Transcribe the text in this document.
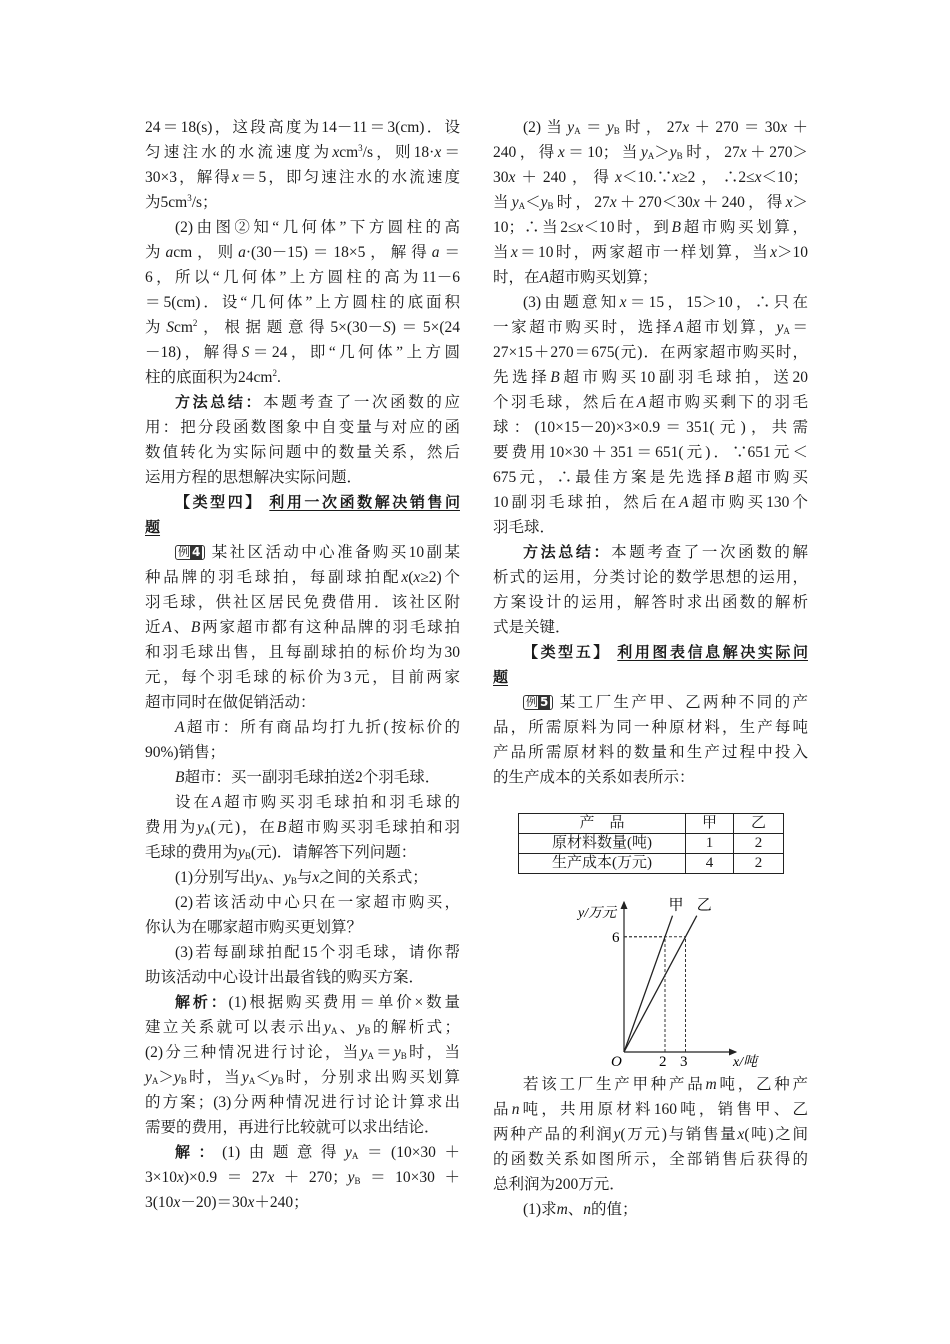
24＝18(s)，这段高度为14－11＝3(cm)．设
匀速注水的水流速度为xcm$^3$/s，则18·x＝
30×3，解得x＝5，即匀速注水的水流速度
为$5cm^3/s$；
(2)由图②知“几何体”下方圆柱的高
为acm，则a·(30－15)＝18×5，解得a＝
6，所以“几何体”上方圆柱的高为11－6
＝5(cm)．设“几何体”上方圆柱的底面积
为Scm$^2$，根据题意得5×(30－S)＝5×(24
－18)，解得S＝24，即“几何体”上方圆
柱的底面积为$24cm^2$.
方法总结：本题考查了一次函数的应
用：把分段函数图象中自变量与对应的函
数值转化为实际问题中的数量关系，然后
运用方程的思想解决实际问题．
【类型四】 利用一次函数解决销售问
题
例 4 某社区活动中心准备购买10副某
种品牌的羽毛球拍，每副球拍配x(x≥2)个
羽毛球，供社区居民免费借用．该社区附
近A、B两家超市都有这种品牌的羽毛球拍
和羽毛球出售，且每副球拍的标价均为30
元，每个羽毛球的标价为3元，目前两家
超市同时在做促销活动：
A超市：所有商品均打九折(按标价的
90%)销售；
B超市：买一副羽毛球拍送2个羽毛球．
设在A超市购买羽毛球拍和羽毛球的
费用为$y_A$(元)，在B超市购买羽毛球拍和羽
毛球的费用为$y_B$(元)．请解答下列问题：
(1)分别写出$y_A$、$y_B$与x之间的关系式；
(2)若该活动中心只在一家超市购买，
你认为在哪家超市购买更划算？
(3)若每副球拍配15个羽毛球，请你帮
助该活动中心设计出最省钱的购买方案．
解析：(1)根据购买费用＝单价×数量
建立关系就可以表示出$y_A$、$y_B$的解析式；
(2)分三种情况进行讨论，当$y_A=y_B$时，当
$y_A>y_B$时，当$y_A<y_B$时，分别求出购买划算
的方案；(3)分两种情况进行讨论计算求出
需要的费用，再进行比较就可以求出结论．
解：(1)由题意得$y_A=(10\times 30+$
3×10x)×0.9＝27x＋270；$y_B=10\times 30+$
3(10x－20)＝30x＋240；
(2)当$y_A=y_B$时，27x＋270＝30x＋
240，得x＝10；当$y_A>y_B$时，27x＋270＞
30x＋240，得x＜10.∵x≥2，∴2≤x＜10；
当$y_A<y_B$时，27x＋270＜30x＋240，得x＞
10；∴当2≤x＜10时，到B超市购买划算，
当x＝10时，两家超市一样划算，当x＞10
时，在A超市购买划算；
(3)由题意知x＝15，15＞10，∴只在
一家超市购买时，选择A超市划算，$y_A=$
27×15＋270＝675(元)．在两家超市购买时，
先选择B超市购买10副羽毛球拍，送20
个羽毛球，然后在A超市购买剩下的羽毛
球：(10×15－20)×3×0.9＝351(元)，共需
要费用10×30＋351＝651(元)．∵651元＜
675元，∴最佳方案是先选择B超市购买
10副羽毛球拍，然后在A超市购买130个
羽毛球．
方法总结：本题考查了一次函数的解
析式的运用，分类讨论的数学思想的运用，
方案设计的运用，解答时求出函数的解析
式是关键．
【类型五】 利用图表信息解决实际问
题
例 5 某工厂生产甲、乙两种不同的产
品，所需原料为同一种原材料，生产每吨
产品所需原材料的数量和生产过程中投入
的生产成本的关系如表所示：
产　品	甲	乙
原材料数量(吨)	1	2
生产成本(万元)	4	2
y/万元
x/吨
O 2 3
6
甲 乙
若该工厂生产甲种产品m吨，乙种产
品n吨，共用原材料160吨，销售甲、乙
两种产品的利润y(万元)与销售量x(吨)之间
的函数关系如图所示，全部销售后获得的
总利润为200万元．
(1)求m、n的值；
